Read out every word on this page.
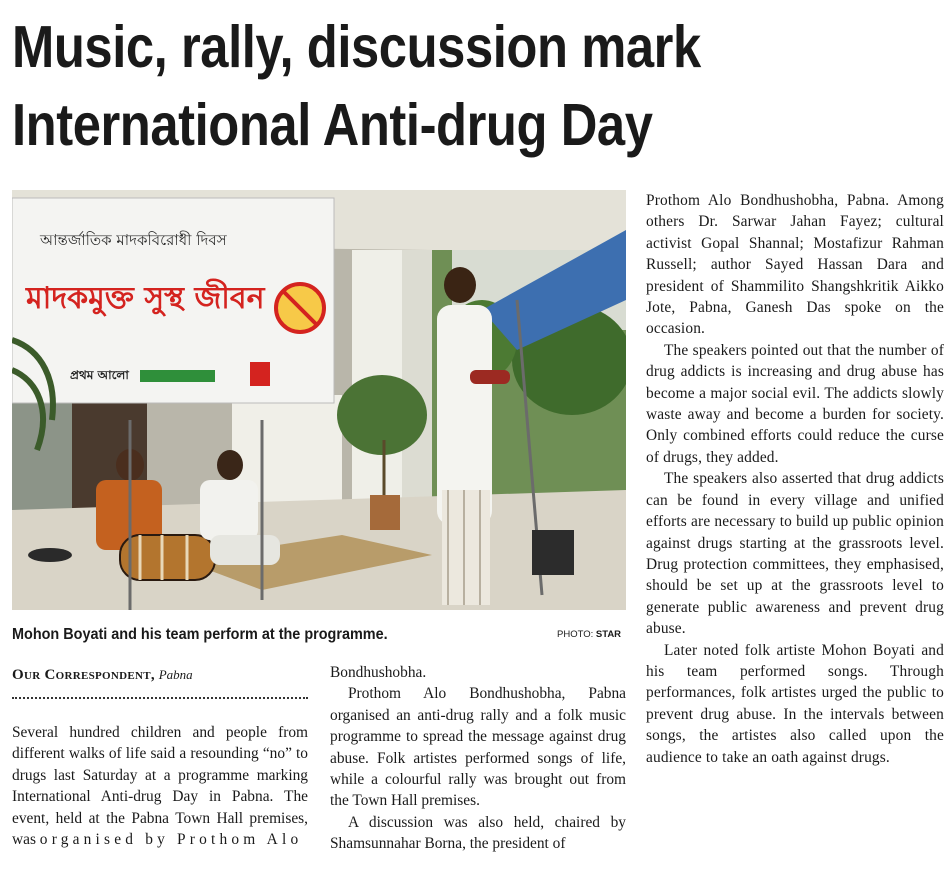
Music, rally, discussion mark
International Anti-drug Day
আন্তর্জাতিক মাদকবিরোধী দিবস
মাদকমুক্ত সুস্থ জীবন
প্রথম আলো
Mohon Boyati and his team perform at the programme.	PHOTO: STAR
Our Correspondent, Pabna

Several hundred children and people from different walks of life said a resounding “no” to drugs last Saturday at a programme marking International Anti-drug Day in Pabna. The event, held at the Pabna Town Hall premises, was organised by Prothom Alo

Bondhushobha.

Prothom Alo Bondhushobha, Pabna organised an anti-drug rally and a folk music programme to spread the message against drug abuse. Folk artistes performed songs of life, while a colourful rally was brought out from the Town Hall premises.

A discussion was also held, chaired by Shamsunnahar Borna, the president of

Prothom Alo Bondhushobha, Pabna. Among others Dr. Sarwar Jahan Fayez; cultural activist Gopal Shannal; Mostafizur Rahman Russell; author Sayed Hassan Dara and president of Shammilito Shangshkritik Aikko Jote, Pabna, Ganesh Das spoke on the occasion.

The speakers pointed out that the number of drug addicts is increasing and drug abuse has become a major social evil. The addicts slowly waste away and become a burden for society. Only combined efforts could reduce the curse of drugs, they added.

The speakers also asserted that drug addicts can be found in every village and unified efforts are necessary to build up public opinion against drugs starting at the grassroots level. Drug protection committees, they emphasised, should be set up at the grassroots level to generate public awareness and prevent drug abuse.

Later noted folk artiste Mohon Boyati and his team performed songs. Through performances, folk artistes urged the public to prevent drug abuse. In the intervals between songs, the artistes also called upon the audience to take an oath against drugs.
